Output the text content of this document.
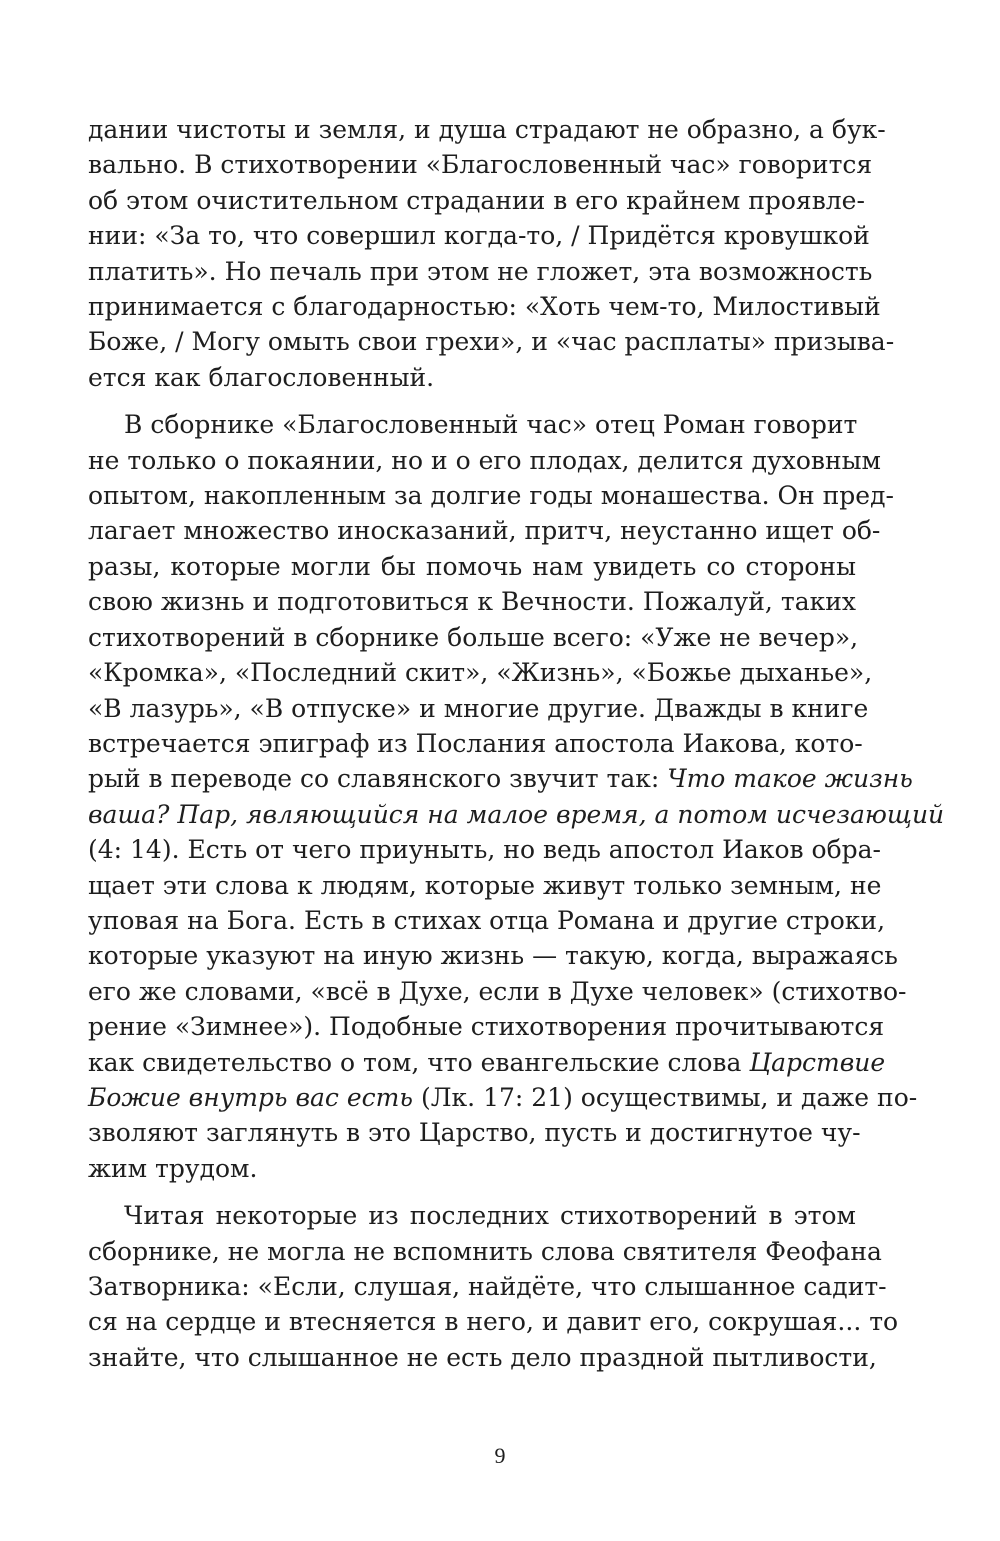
дании чистоты и земля, и душа страдают не образно, а бук-
вально. В стихотворении «Благословенный час» говорится
об этом очистительном страдании в его крайнем проявле-
нии: «За то, что совершил когда-то, / Придётся кровушкой
платить». Но печаль при этом не гложет, эта возможность
принимается с благодарностью: «Хоть чем-то, Милостивый
Боже, / Могу омыть свои грехи», и «час расплаты» призыва-
ется как благословенный.
В сборнике «Благословенный час» отец Роман говорит
не только о покаянии, но и о его плодах, делится духовным
опытом, накопленным за долгие годы монашества. Он пред-
лагает множество иносказаний, притч, неустанно ищет об-
разы, которые могли бы помочь нам увидеть со стороны
свою жизнь и подготовиться к Вечности. Пожалуй, таких
стихотворений в сборнике больше всего: «Уже не вечер»,
«Кромка», «Последний скит», «Жизнь», «Божье дыханье»,
«В лазурь», «В отпуске» и многие другие. Дважды в книге
встречается эпиграф из Послания апостола Иакова, кото-
рый в переводе со славянского звучит так: Что такое жизнь
ваша? Пар, являющийся на малое время, а потом исчезающий
(4: 14). Есть от чего приуныть, но ведь апостол Иаков обра-
щает эти слова к людям, которые живут только земным, не
уповая на Бога. Есть в стихах отца Романа и другие строки,
которые указуют на иную жизнь — такую, когда, выражаясь
его же словами, «всё в Духе, если в Духе человек» (стихотво-
рение «Зимнее»). Подобные стихотворения прочитываются
как свидетельство о том, что евангельские слова Царствие
Божие внутрь вас есть (Лк. 17: 21) осуществимы, и даже по-
зволяют заглянуть в это Царство, пусть и достигнутое чу-
жим трудом.
Читая некоторые из последних стихотворений в этом
сборнике, не могла не вспомнить слова святителя Феофана
Затворника: «Если, слушая, найдёте, что слышанное садит-
ся на сердце и втесняется в него, и давит его, сокрушая... то
знайте, что слышанное не есть дело праздной пытливости,
9
